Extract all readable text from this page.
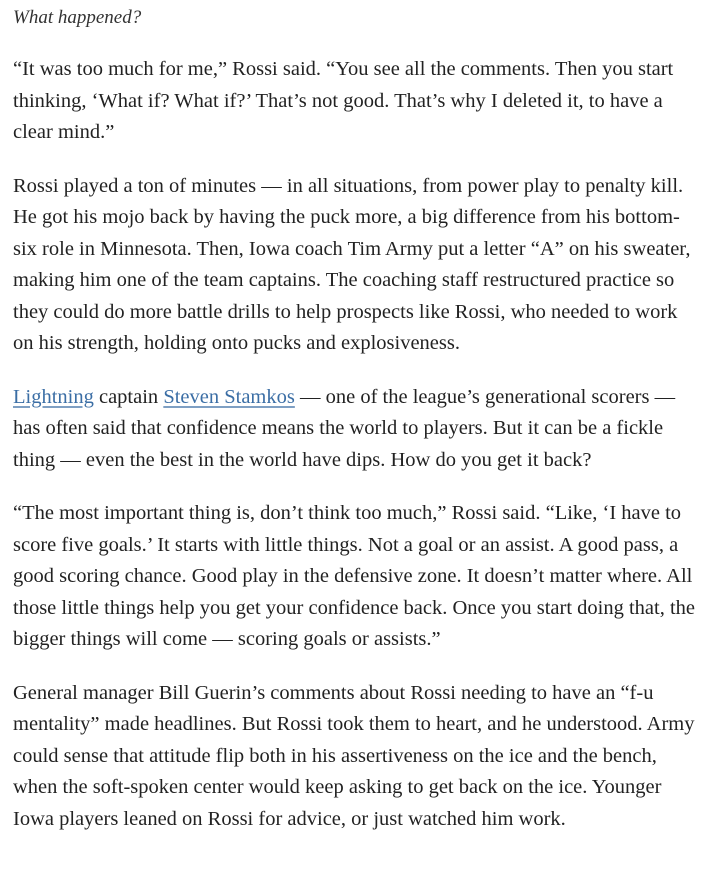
What happened?

“It was too much for me,” Rossi said. “You see all the comments. Then you start thinking, ‘What if? What if?’ That’s not good. That’s why I deleted it, to have a clear mind.”

Rossi played a ton of minutes — in all situations, from power play to penalty kill. He got his mojo back by having the puck more, a big difference from his bottom-six role in Minnesota. Then, Iowa coach Tim Army put a letter “A” on his sweater, making him one of the team captains. The coaching staff restructured practice so they could do more battle drills to help prospects like Rossi, who needed to work on his strength, holding onto pucks and explosiveness.

Lightning captain Steven Stamkos — one of the league’s generational scorers — has often said that confidence means the world to players. But it can be a fickle thing — even the best in the world have dips. How do you get it back?

“The most important thing is, don’t think too much,” Rossi said. “Like, ‘I have to score five goals.’ It starts with little things. Not a goal or an assist. A good pass, a good scoring chance. Good play in the defensive zone. It doesn’t matter where. All those little things help you get your confidence back. Once you start doing that, the bigger things will come — scoring goals or assists.”

General manager Bill Guerin’s comments about Rossi needing to have an “f-u mentality” made headlines. But Rossi took them to heart, and he understood. Army could sense that attitude flip both in his assertiveness on the ice and the bench, when the soft-spoken center would keep asking to get back on the ice. Younger Iowa players leaned on Rossi for advice, or just watched him work.
